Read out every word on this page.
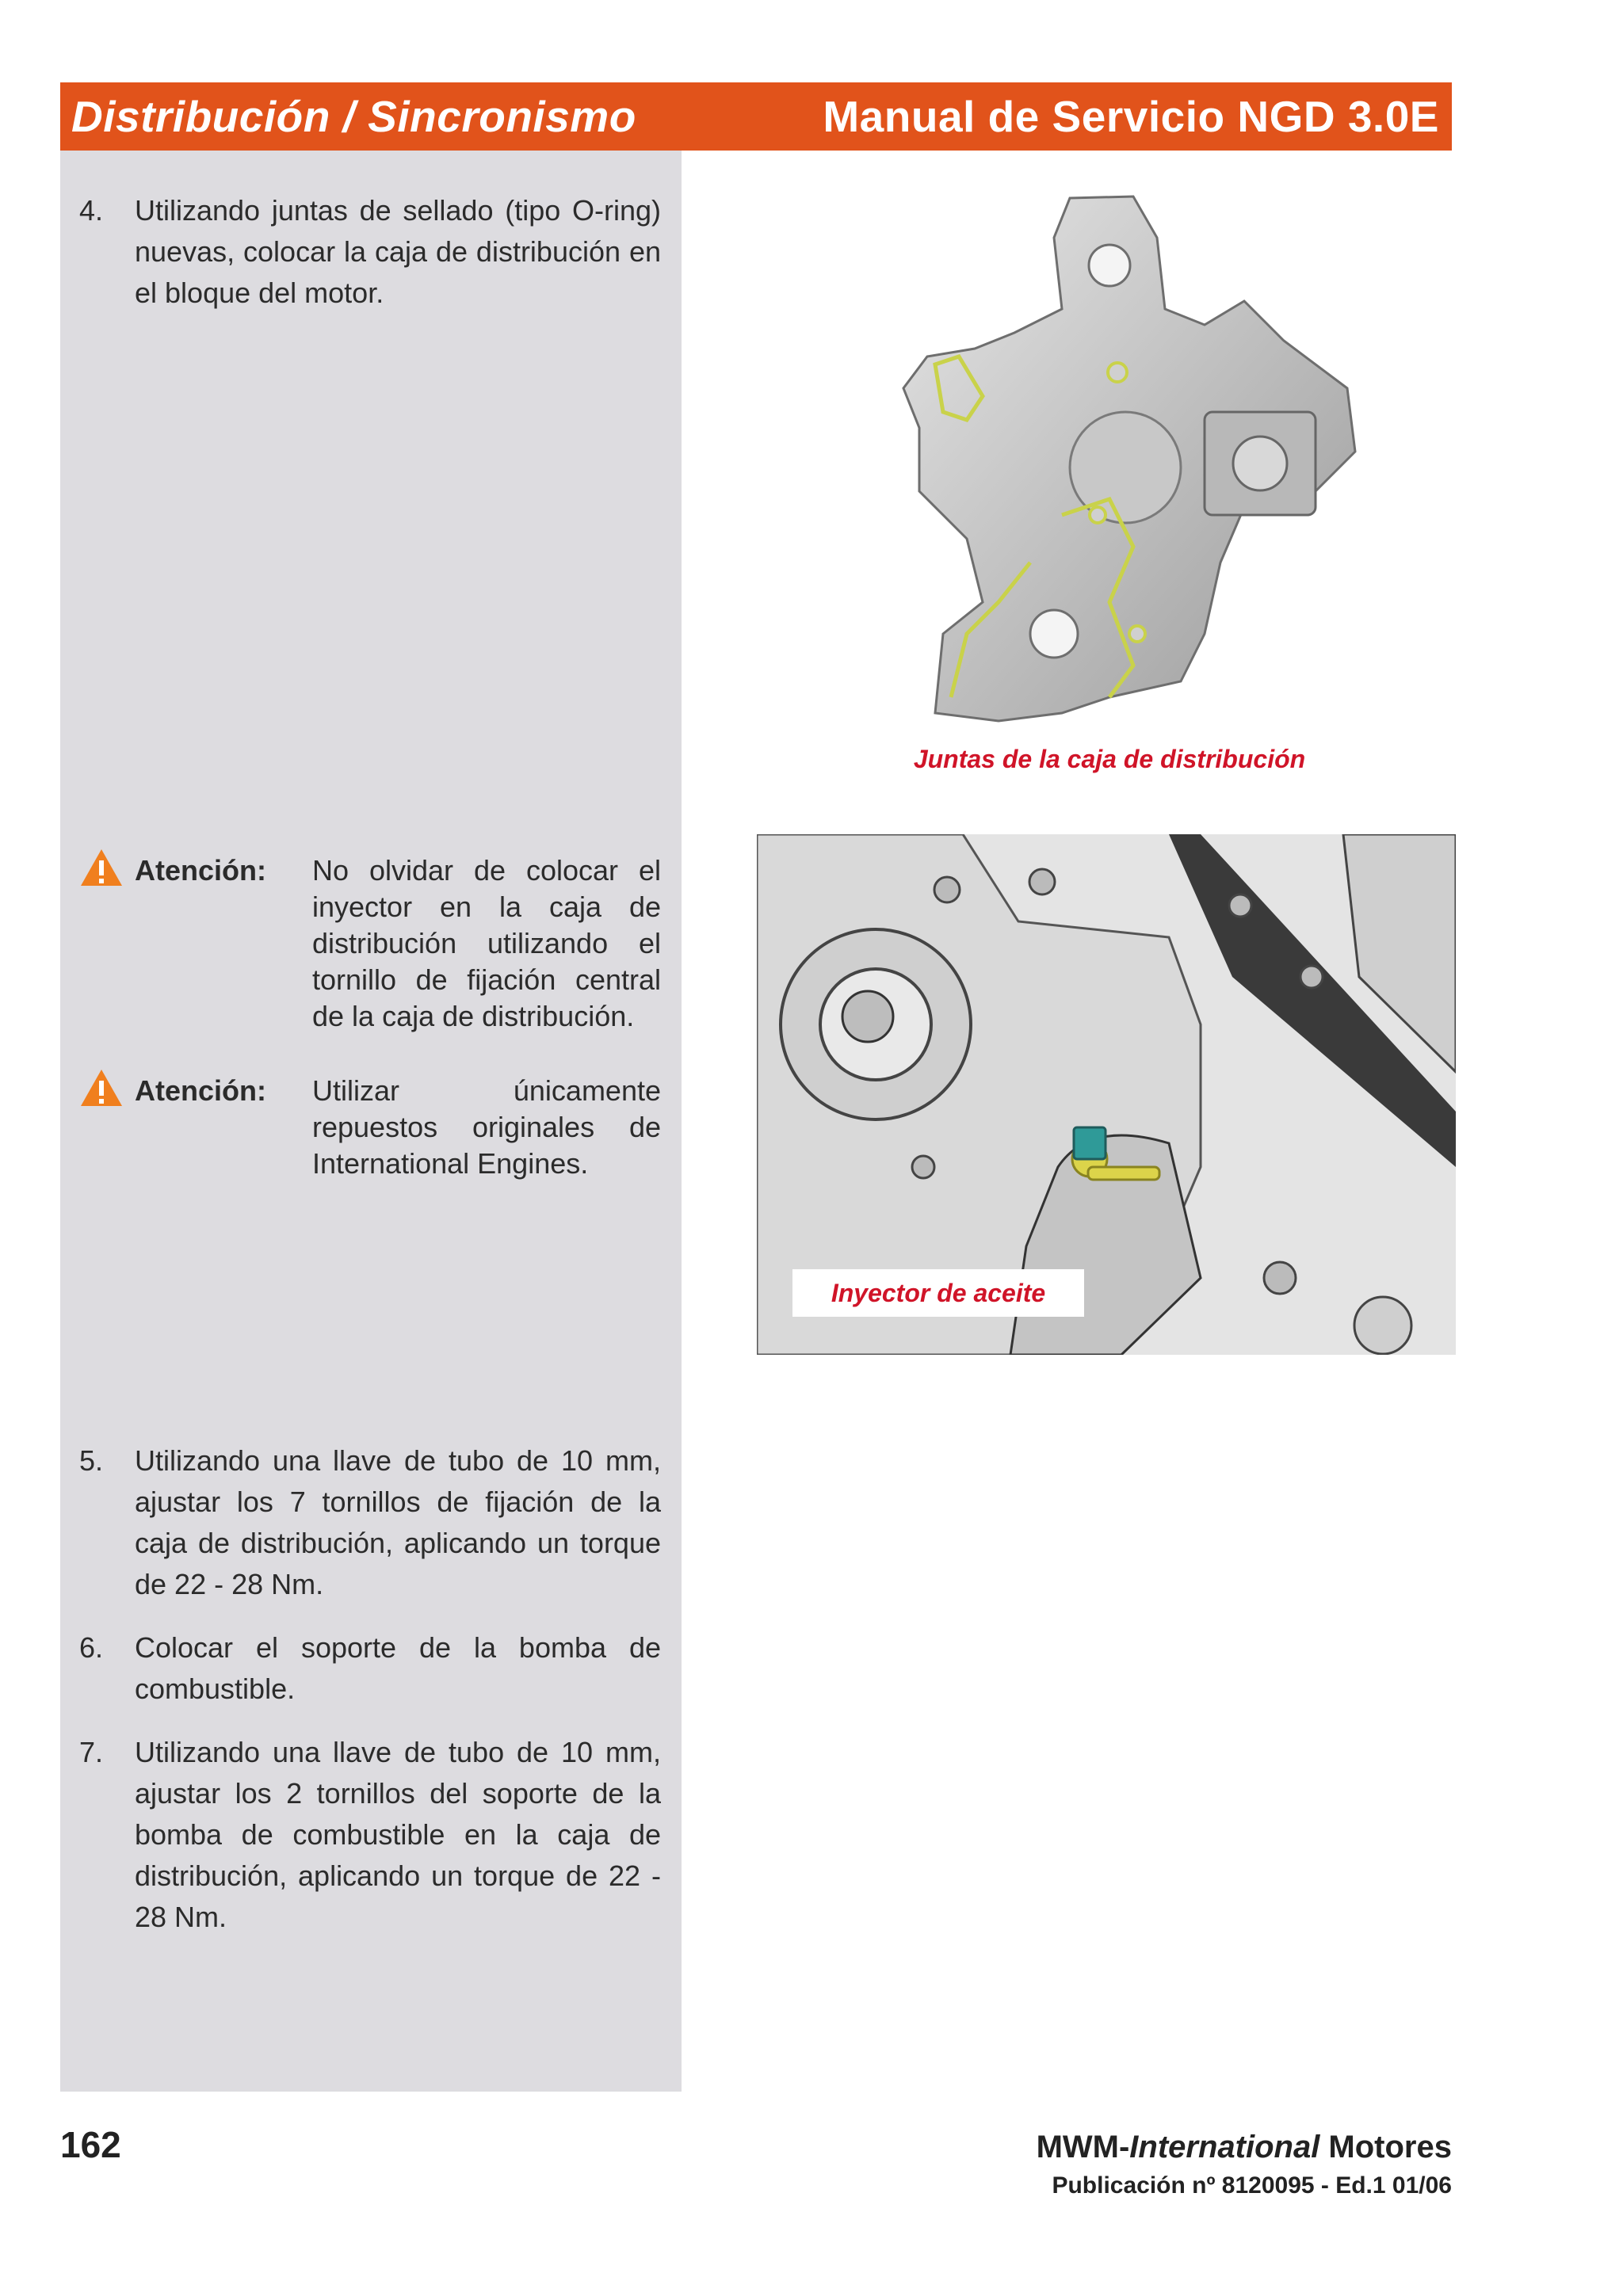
Distribución / Sincronismo	Manual de Servicio NGD 3.0E
4. Utilizando juntas de sellado (tipo O-ring) nuevas, colocar la caja de distribución en el bloque del motor.
Atención: No olvidar de colocar el inyector en la caja de distribución utilizando el tornillo de fijación central de la caja de distribución.
Atención: Utilizar únicamente repuestos originales de International Engines.
5. Utilizando una llave de tubo de 10 mm, ajustar los 7 tornillos de fijación de la caja de distribución, aplicando un torque de 22 - 28 Nm.
6. Colocar el soporte de la bomba de combustible.
7. Utilizando una llave de tubo de 10 mm, ajustar los 2 tornillos del soporte de la bomba de combustible en la caja de distribución, aplicando un torque de 22 - 28 Nm.
Juntas de la caja de distribución
Inyector de aceite
162	MWM-International Motores
Publicación nº 8120095 - Ed.1 01/06
